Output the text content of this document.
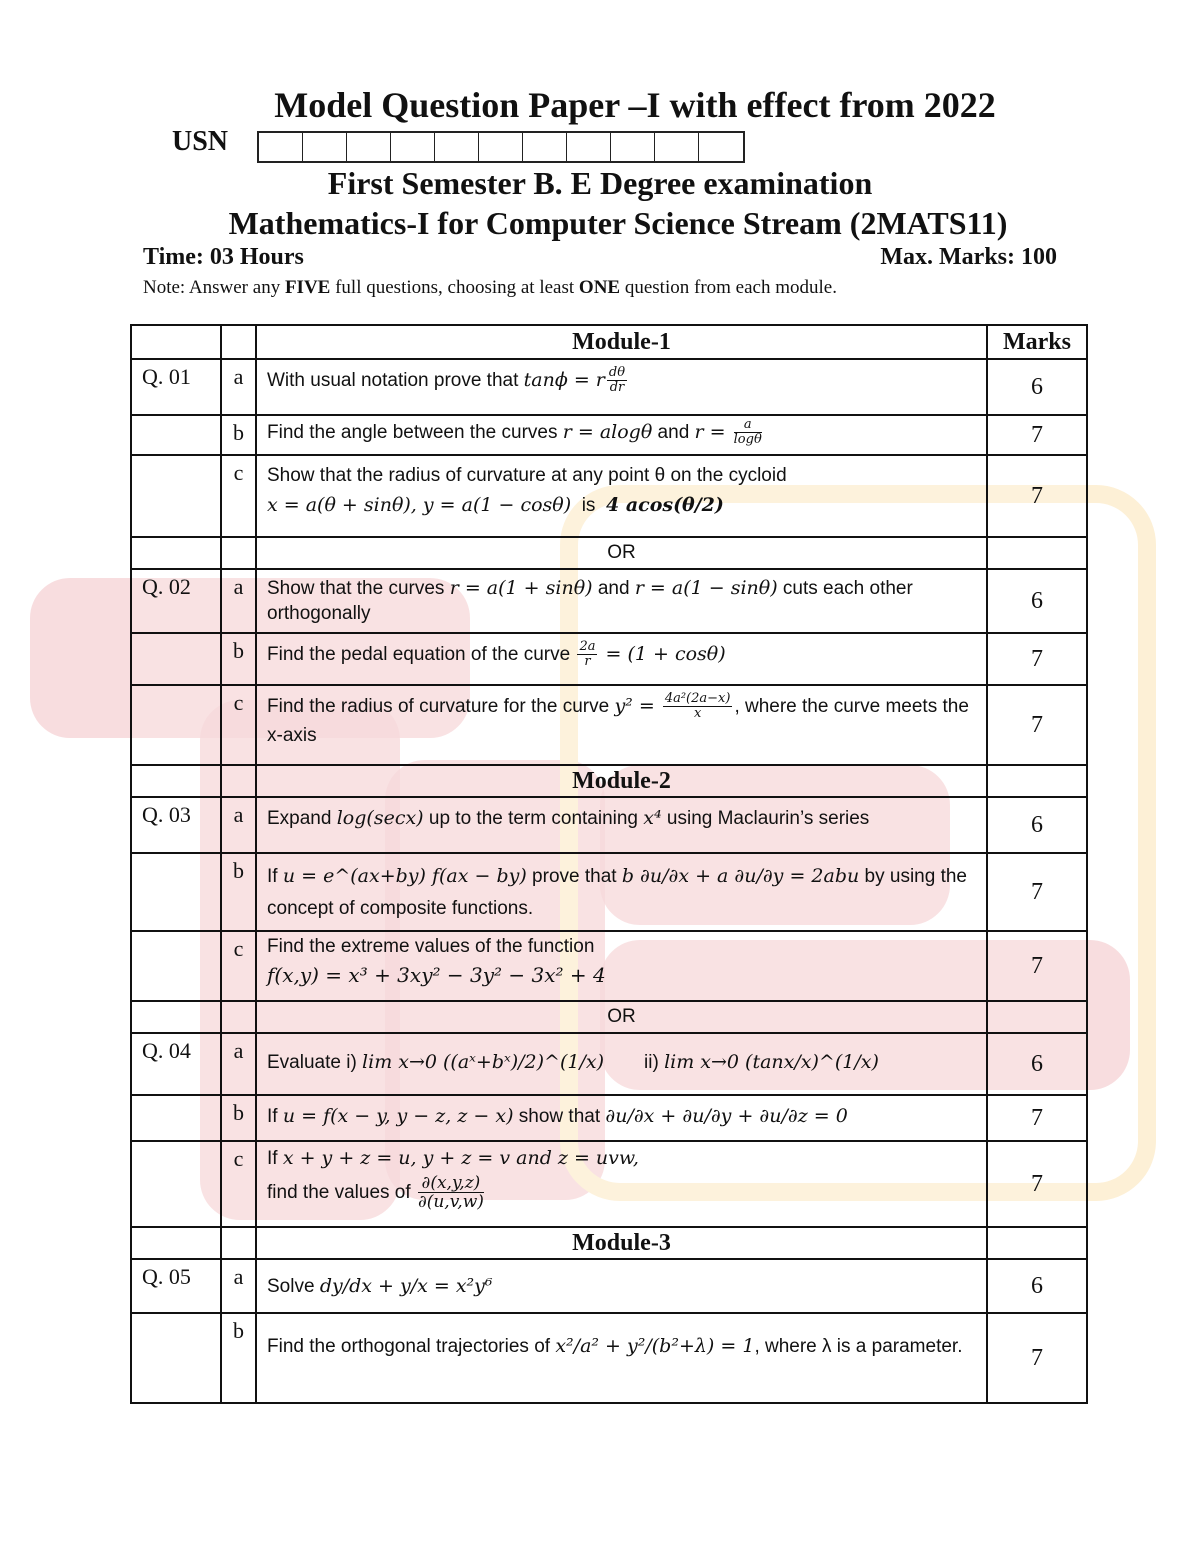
Model Question Paper –I with effect from 2022
USN
First Semester B. E Degree examination
Mathematics-I for Computer Science Stream (2MATS11)
Time: 03 Hours	Max. Marks: 100
Note: Answer any FIVE full questions, choosing at least ONE question from each module.
		Module-1	Marks
Q. 01	a	With usual notation prove that tanϕ = r $\frac{d\theta}{dr}$	6
	b	Find the angle between the curves r = alogθ and $r = \frac{a}{\log\theta}$	7
	c	Show that the radius of curvature at any point θ on the cycloid
x = a(θ + sinθ), y = a(1 − cosθ)  is  4 acos(θ/2)	7
		OR	
Q. 02	a	Show that the curves r = a(1 + sinθ) and r = a(1 − sinθ) cuts each other orthogonally	6
	b	Find the pedal equation of the curve $\frac{2a}{r} = (1 + \cos\theta)$	7
	c	Find the radius of curvature for the curve $y^2 = \frac{\text{4a²(2a−x)}}{x}$ , where the curve meets the x-axis	7
		Module-2	
Q. 03	a	Expand log(secx) up to the term containing x⁴ using Maclaurin’s series	6
	b	If u = e^(ax+by) f(ax − by) prove that b ∂u/∂x + a ∂u/∂y = 2abu by using the concept of composite functions.	7
	c	Find the extreme values of the function
f(x,y) = x³ + 3xy² − 3y² − 3x² + 4	7
		OR	
Q. 04	a	Evaluate i) lim x→0 ((aˣ+bˣ)/2)^(1/x) ii) lim x→0 (tanx/x)^(1/x)	6
	b	If u = f(x − y, y − z, z − x) show that ∂u/∂x + ∂u/∂y + ∂u/∂z = 0	7
	c	If x + y + z = u, y + z = v and z = uvw,
find the values of $\frac{\partial(x,y,z)}{\partial(u,v,w)}$	7
		Module-3	
Q. 05	a	Solve dy/dx + y/x = x²y⁶	6
	b	Find the orthogonal trajectories of x²/a² + y²/(b²+λ) = 1, where λ is a parameter.	7
